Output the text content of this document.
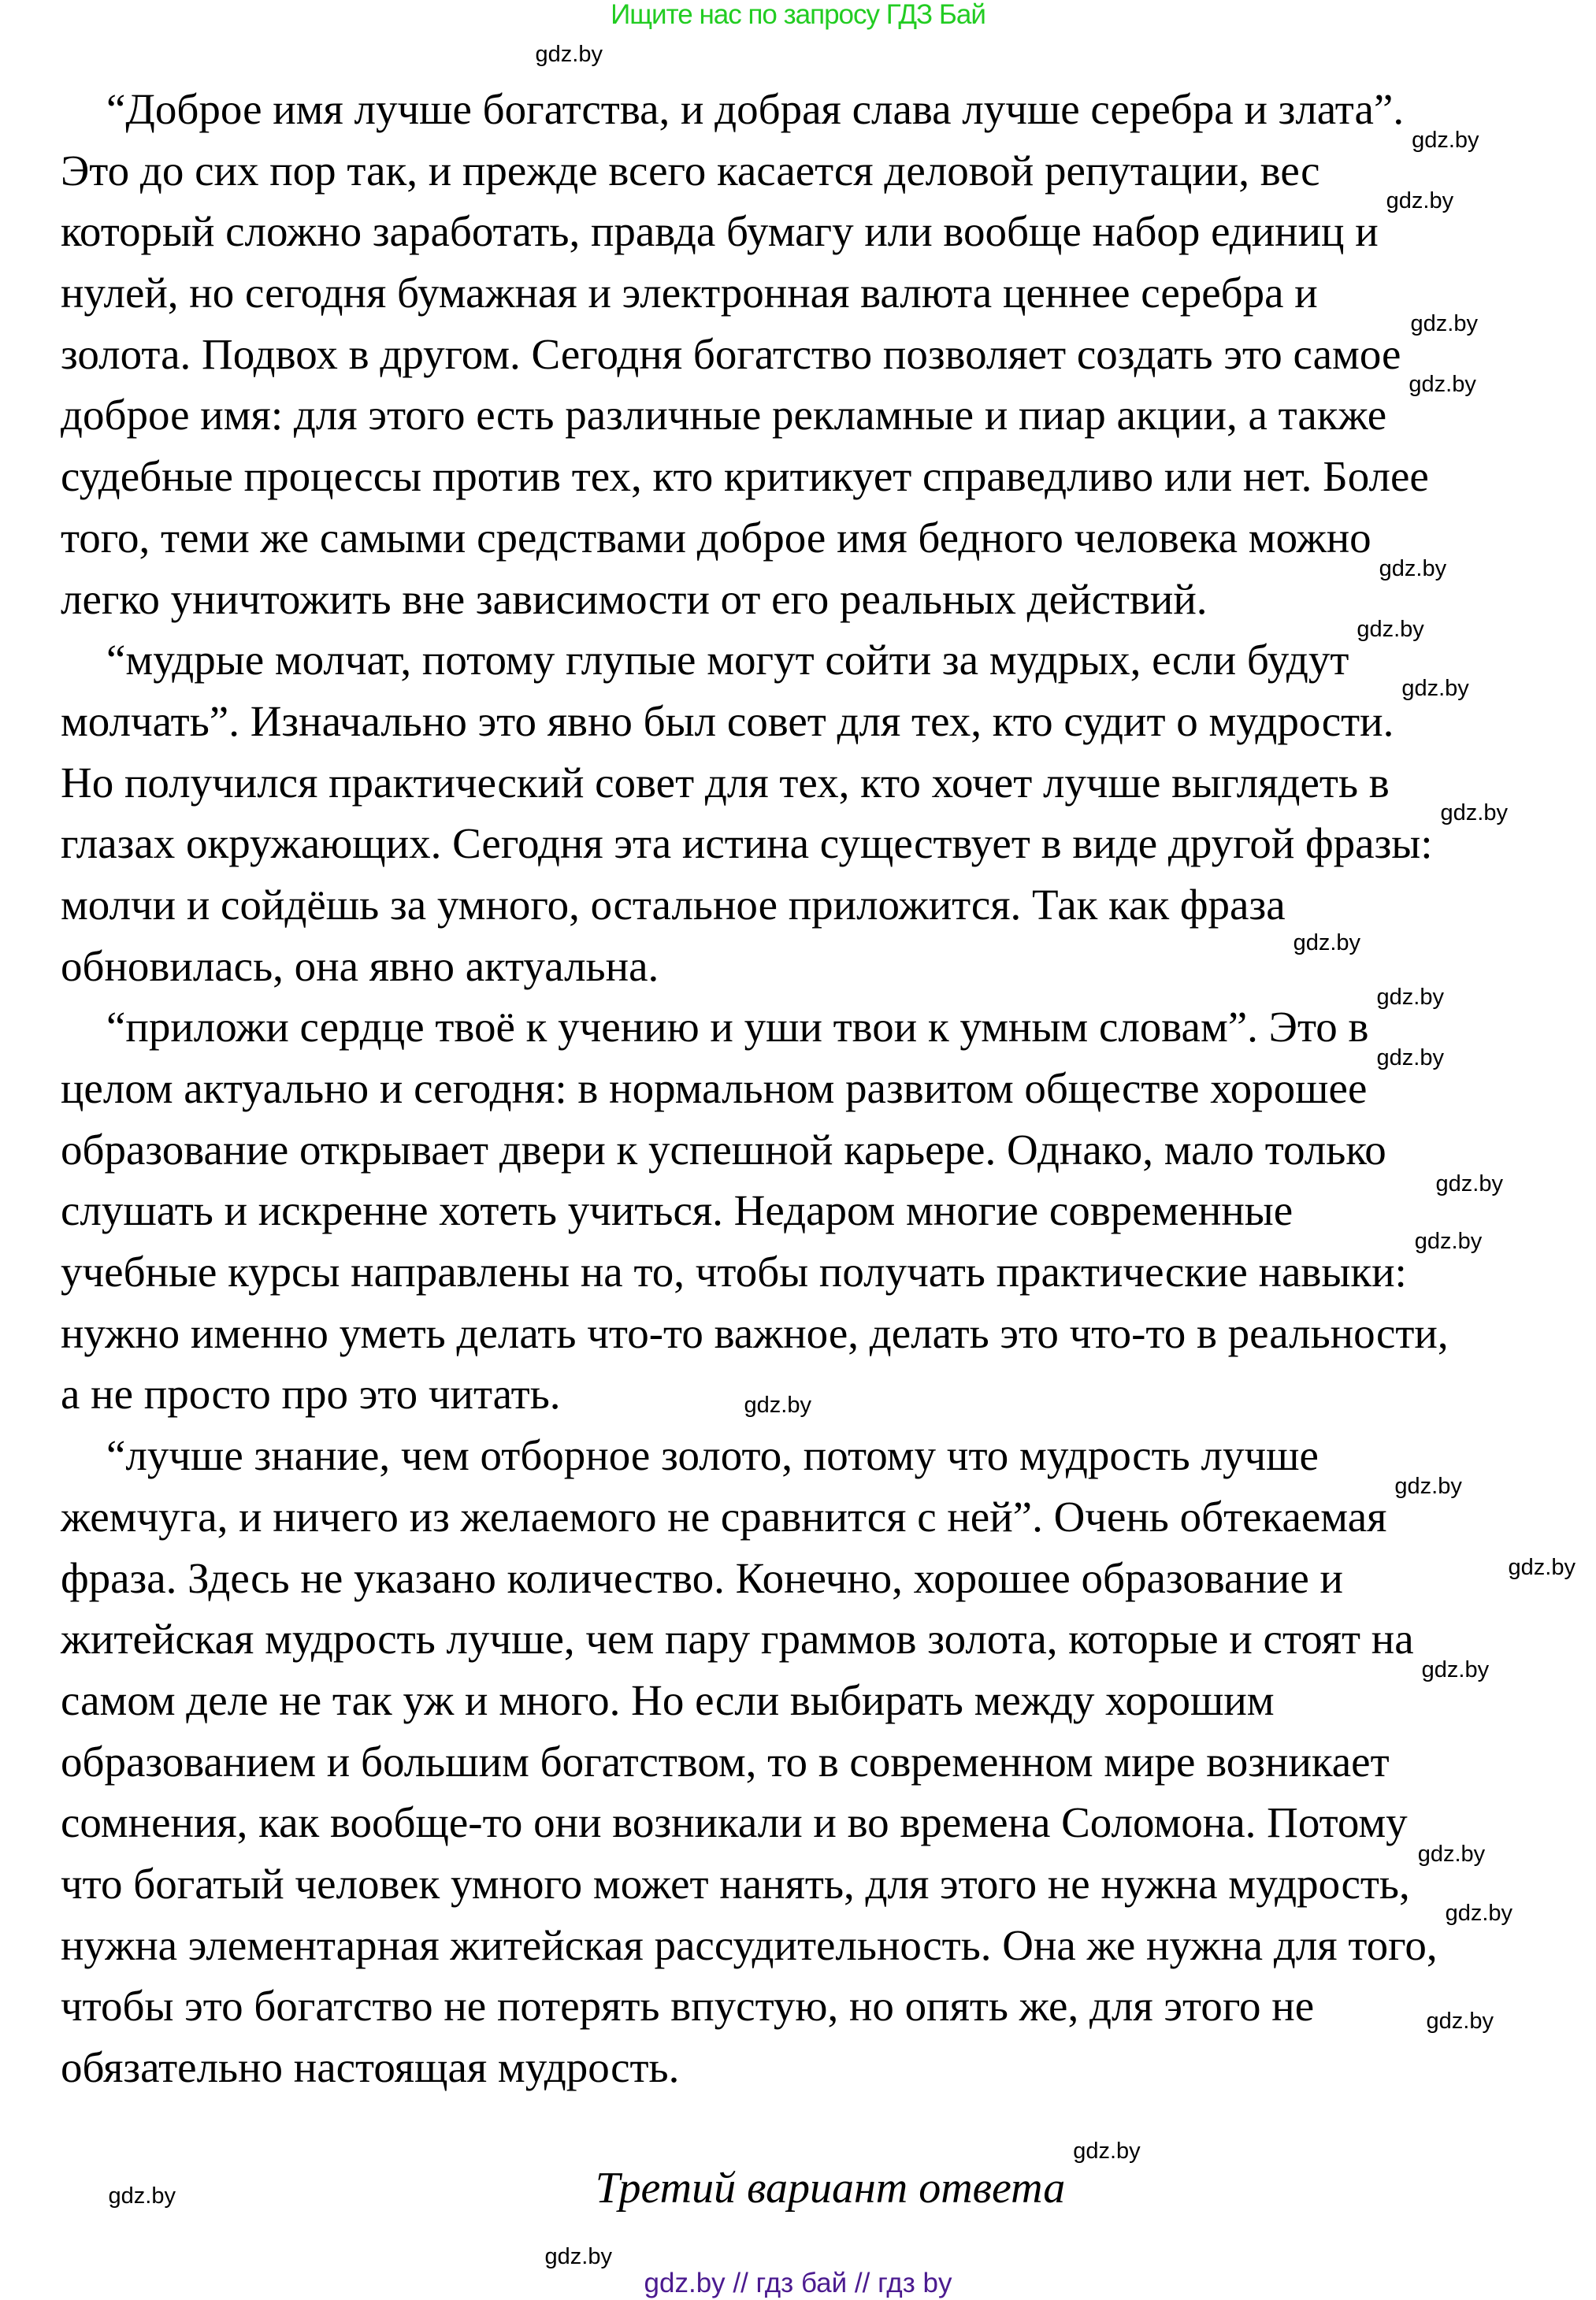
Ищите нас по запросу ГДЗ Бай
“Доброе имя лучше богатства, и добрая слава лучше серебра и злата”.
Это до сих пор так, и прежде всего касается деловой репутации, вес
который сложно заработать, правда бумагу или вообще набор единиц и
нулей, но сегодня бумажная и электронная валюта ценнее серебра и
золота. Подвох в другом. Сегодня богатство позволяет создать это самое
доброе имя: для этого есть различные рекламные и пиар акции, а также
судебные процессы против тех, кто критикует справедливо или нет. Более
того, теми же самыми средствами доброе имя бедного человека можно
легко уничтожить вне зависимости от его реальных действий.
“мудрые молчат, потому глупые могут сойти за мудрых, если будут
молчать”. Изначально это явно был совет для тех, кто судит о мудрости.
Но получился практический совет для тех, кто хочет лучше выглядеть в
глазах окружающих. Сегодня эта истина существует в виде другой фразы:
молчи и сойдёшь за умного, остальное приложится. Так как фраза
обновилась, она явно актуальна.
“приложи сердце твоё к учению и уши твои к умным словам”. Это в
целом актуально и сегодня: в нормальном развитом обществе хорошее
образование открывает двери к успешной карьере. Однако, мало только
слушать и искренне хотеть учиться. Недаром многие современные
учебные курсы направлены на то, чтобы получать практические навыки:
нужно именно уметь делать что-то важное, делать это что-то в реальности,
а не просто про это читать.
“лучше знание, чем отборное золото, потому что мудрость лучше
жемчуга, и ничего из желаемого не сравнится с ней”. Очень обтекаемая
фраза. Здесь не указано количество. Конечно, хорошее образование и
житейская мудрость лучше, чем пару граммов золота, которые и стоят на
самом деле не так уж и много. Но если выбирать между хорошим
образованием и большим богатством, то в современном мире возникает
сомнения, как вообще-то они возникали и во времена Соломона. Потому
что богатый человек умного может нанять, для этого не нужна мудрость,
нужна элементарная житейская рассудительность. Она же нужна для того,
чтобы это богатство не потерять впустую, но опять же, для этого не
обязательно настоящая мудрость.
gdz.by
gdz.by
gdz.by
gdz.by
gdz.by
gdz.by
gdz.by
gdz.by
gdz.by
gdz.by
gdz.by
gdz.by
gdz.by
gdz.by
gdz.by
gdz.by
gdz.by
gdz.by
gdz.by
gdz.by
gdz.by
gdz.by
gdz.by
gdz.by
Третий вариант ответа
gdz.by // гдз бай // гдз by
